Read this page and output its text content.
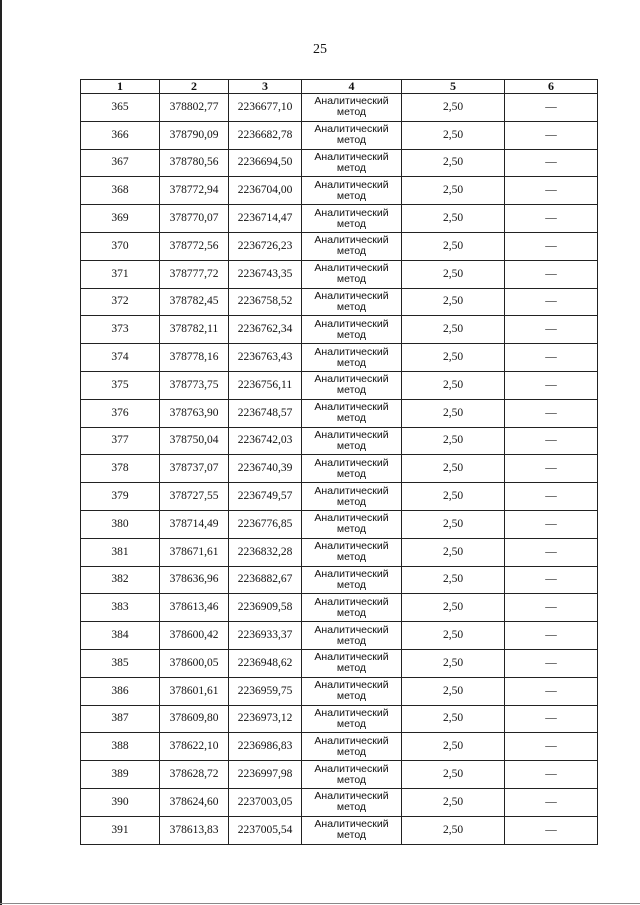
25
1	2	3	4	5	6
365	378802,77	2236677,10	Аналитический метод	2,50	—
366	378790,09	2236682,78	Аналитический метод	2,50	—
367	378780,56	2236694,50	Аналитический метод	2,50	—
368	378772,94	2236704,00	Аналитический метод	2,50	—
369	378770,07	2236714,47	Аналитический метод	2,50	—
370	378772,56	2236726,23	Аналитический метод	2,50	—
371	378777,72	2236743,35	Аналитический метод	2,50	—
372	378782,45	2236758,52	Аналитический метод	2,50	—
373	378782,11	2236762,34	Аналитический метод	2,50	—
374	378778,16	2236763,43	Аналитический метод	2,50	—
375	378773,75	2236756,11	Аналитический метод	2,50	—
376	378763,90	2236748,57	Аналитический метод	2,50	—
377	378750,04	2236742,03	Аналитический метод	2,50	—
378	378737,07	2236740,39	Аналитический метод	2,50	—
379	378727,55	2236749,57	Аналитический метод	2,50	—
380	378714,49	2236776,85	Аналитический метод	2,50	—
381	378671,61	2236832,28	Аналитический метод	2,50	—
382	378636,96	2236882,67	Аналитический метод	2,50	—
383	378613,46	2236909,58	Аналитический метод	2,50	—
384	378600,42	2236933,37	Аналитический метод	2,50	—
385	378600,05	2236948,62	Аналитический метод	2,50	—
386	378601,61	2236959,75	Аналитический метод	2,50	—
387	378609,80	2236973,12	Аналитический метод	2,50	—
388	378622,10	2236986,83	Аналитический метод	2,50	—
389	378628,72	2236997,98	Аналитический метод	2,50	—
390	378624,60	2237003,05	Аналитический метод	2,50	—
391	378613,83	2237005,54	Аналитический метод	2,50	—
